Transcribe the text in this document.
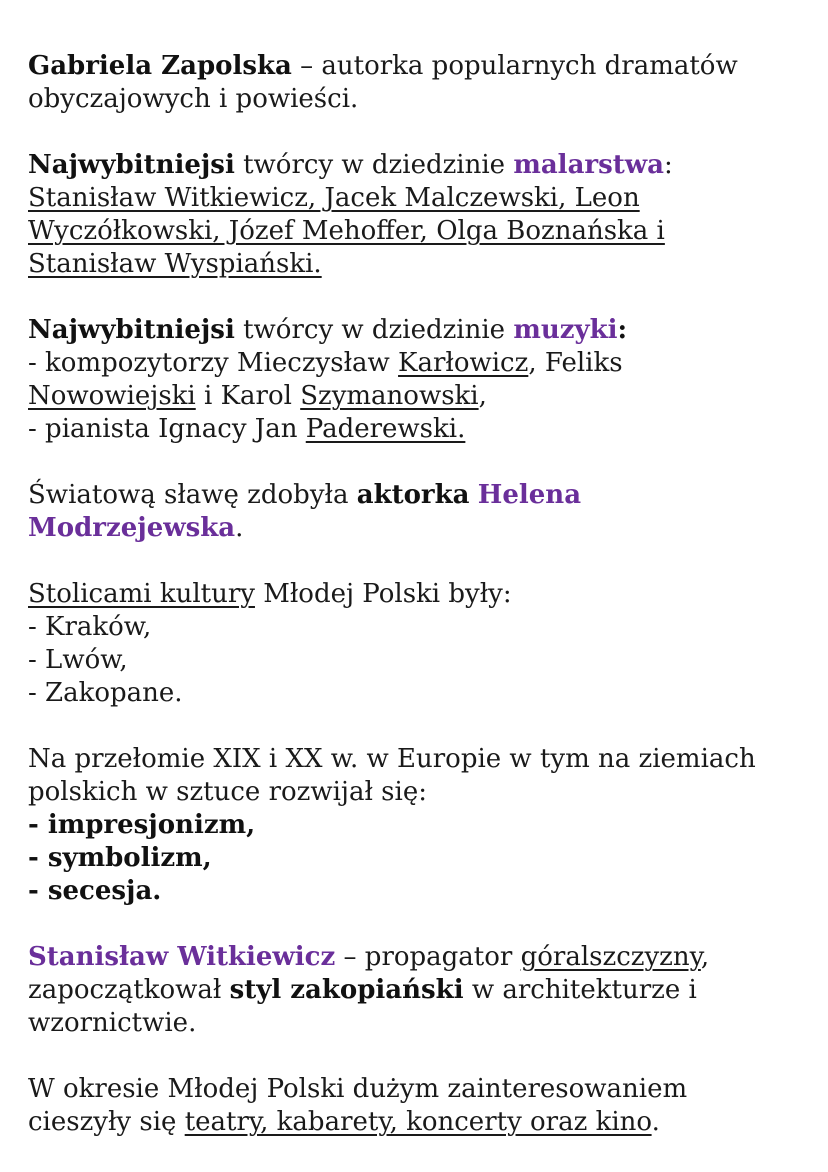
Gabriela Zapolska – autorka popularnych dramatów
obyczajowych i powieści.

Najwybitniejsi twórcy w dziedzinie malarstwa:
Stanisław Witkiewicz, Jacek Malczewski, Leon
Wyczółkowski, Józef Mehoffer, Olga Boznańska i
Stanisław Wyspiański.

Najwybitniejsi twórcy w dziedzinie muzyki:
- kompozytorzy Mieczysław Karłowicz, Feliks
Nowowiejski i Karol Szymanowski,
- pianista Ignacy Jan Paderewski.

Światową sławę zdobyła aktorka Helena
Modrzejewska.

Stolicami kultury Młodej Polski były:
- Kraków,
- Lwów,
- Zakopane.

Na przełomie XIX i XX w. w Europie w tym na ziemiach
polskich w sztuce rozwijał się:
- impresjonizm,
- symbolizm,
- secesja.

Stanisław Witkiewicz – propagator góralszczyzny,
zapoczątkował styl zakopiański w architekturze i
wzornictwie.

W okresie Młodej Polski dużym zainteresowaniem
cieszyły się teatry, kabarety, koncerty oraz kino.
